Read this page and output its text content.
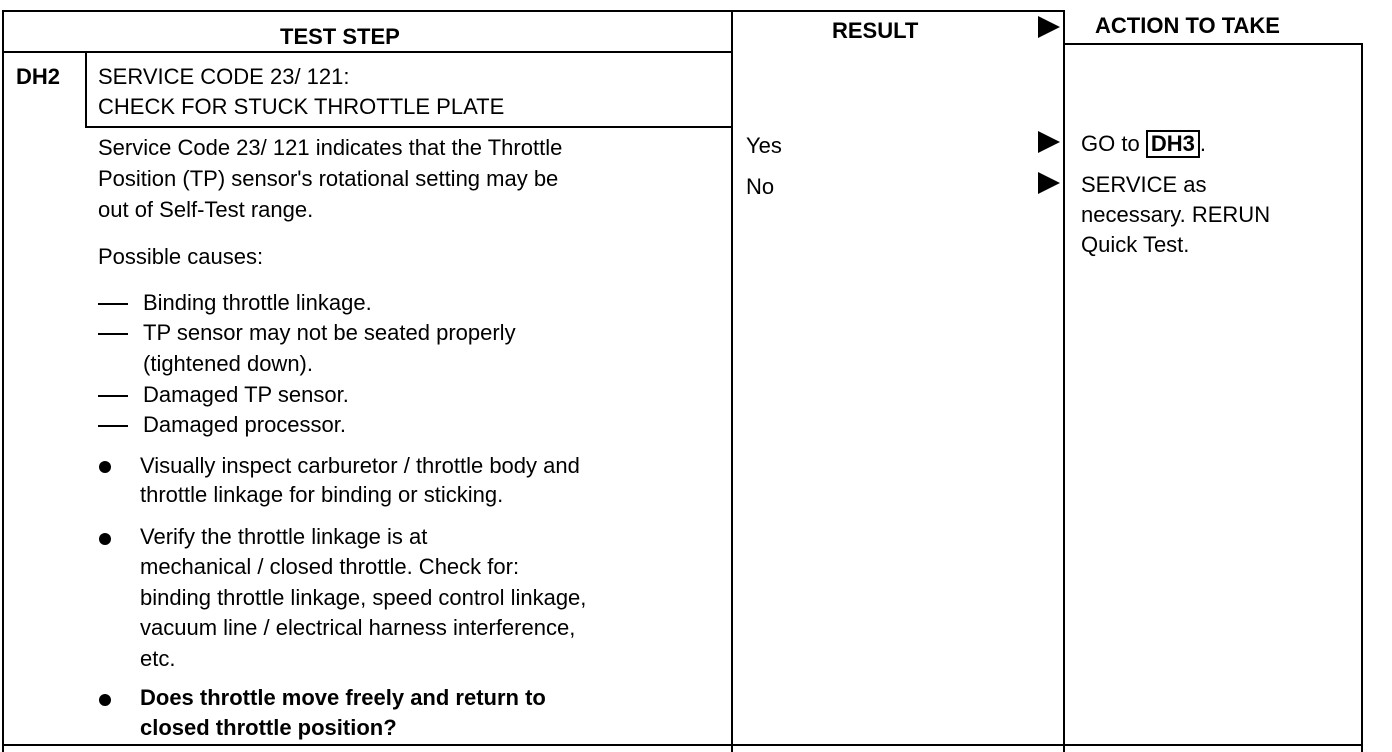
TEST STEP	RESULT	ACTION TO TAKE
DH2 SERVICE CODE 23/ 121:
CHECK FOR STUCK THROTTLE PLATE
Service Code 23/ 121 indicates that the Throttle
Position (TP) sensor's rotational setting may be
out of Self-Test range.
Possible causes:
Binding throttle linkage.
TP sensor may not be seated properly
(tightened down).
Damaged TP sensor.
Damaged processor.
Visually inspect carburetor / throttle body and
throttle linkage for binding or sticking.
Verify the throttle linkage is at
mechanical / closed throttle. Check for:
binding throttle linkage, speed control linkage,
vacuum line / electrical harness interference,
etc.
Does throttle move freely and return to
closed throttle position?
Yes
No
GO to DH3 .
SERVICE as
necessary. RERUN
Quick Test.
